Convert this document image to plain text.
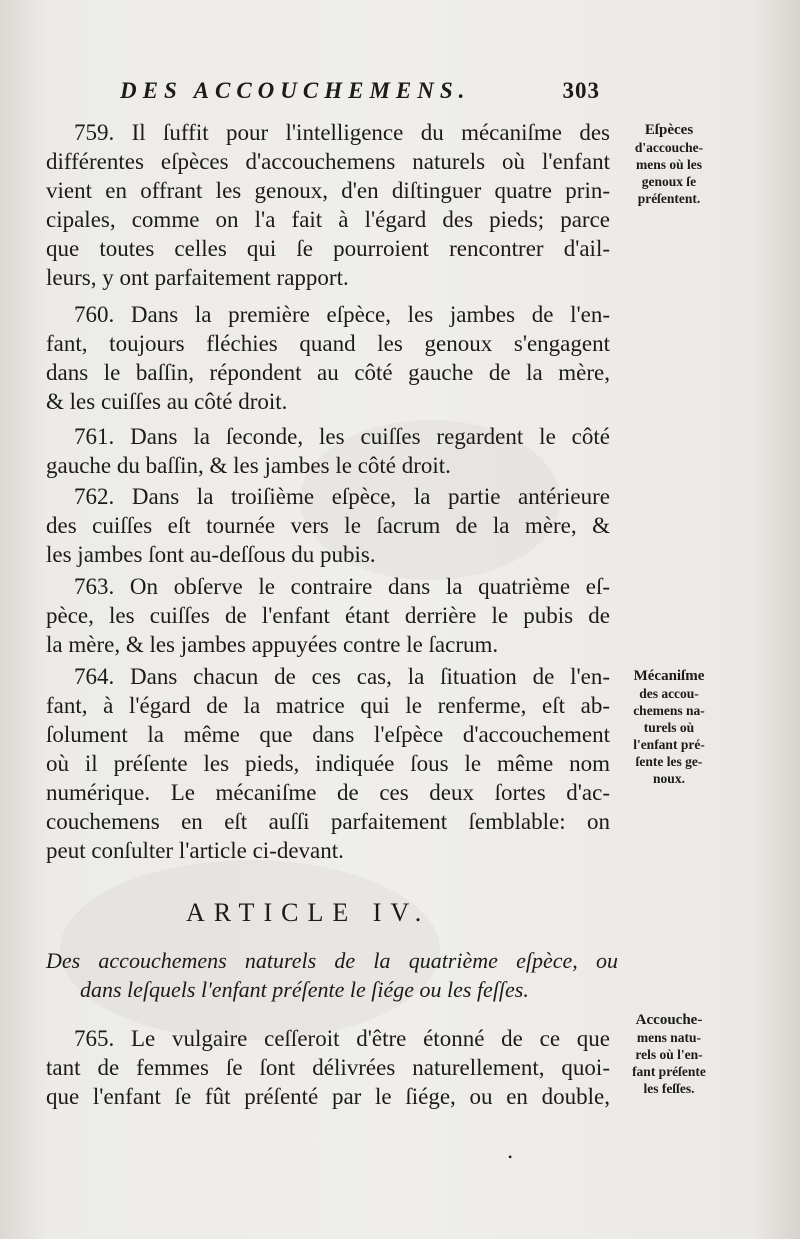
DES ACCOUCHEMENS.	303
759. Il ſuffit pour l'intelligence du mécaniſme des
différentes eſpèces d'accouchemens naturels où l'enfant
vient en offrant les genoux, d'en diſtinguer quatre prin-
cipales, comme on l'a fait à l'égard des pieds; parce
que toutes celles qui ſe pourroient rencontrer d'ail-
leurs, y ont parfaitement rapport.
760. Dans la première eſpèce, les jambes de l'en-
fant, toujours fléchies quand les genoux s'engagent
dans le baſſin, répondent au côté gauche de la mère,
& les cuiſſes au côté droit.
761. Dans la ſeconde, les cuiſſes regardent le côté
gauche du baſſin, & les jambes le côté droit.
762. Dans la troiſième eſpèce, la partie antérieure
des cuiſſes eſt tournée vers le ſacrum de la mère, &
les jambes ſont au-deſſous du pubis.
763. On obſerve le contraire dans la quatrième eſ-
pèce, les cuiſſes de l'enfant étant derrière le pubis de
la mère, & les jambes appuyées contre le ſacrum.
764. Dans chacun de ces cas, la ſituation de l'en-
fant, à l'égard de la matrice qui le renferme, eſt ab-
ſolument la même que dans l'eſpèce d'accouchement
où il préſente les pieds, indiquée ſous le même nom
numérique. Le mécaniſme de ces deux ſortes d'ac-
couchemens en eſt auſſi parfaitement ſemblable: on
peut conſulter l'article ci-devant.
ARTICLE IV.
Des accouchemens naturels de la quatrième eſpèce, ou
dans leſquels l'enfant préſente le ſiége ou les feſſes.
765. Le vulgaire ceſſeroit d'être étonné de ce que
tant de femmes ſe ſont délivrées naturellement, quoi-
que l'enfant ſe fût préſenté par le ſiége, ou en double,
Eſpèces
d'accouche-
mens où les
genoux ſe
préſentent.
Mécaniſme
des accou-
chemens na-
turels où
l'enfant pré-
ſente les ge-
noux.
Accouche-
mens natu-
rels où l'en-
fant préſente
les feſſes.
•
